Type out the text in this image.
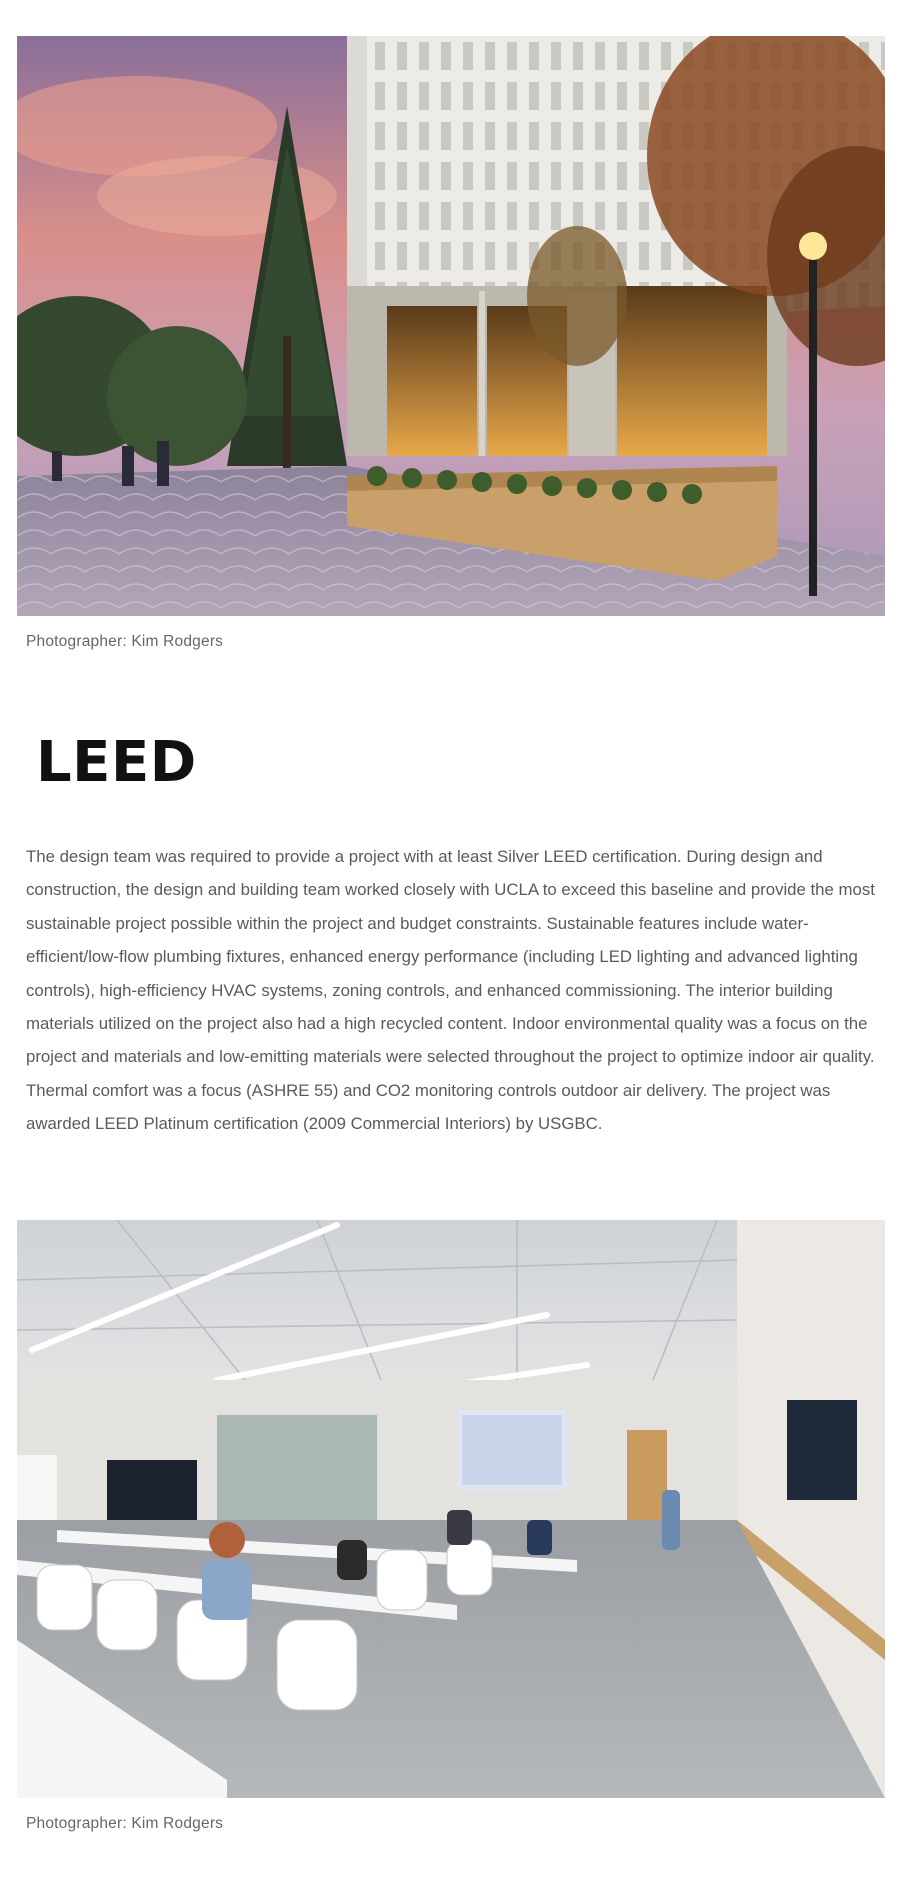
Photographer: Kim Rodgers
LEED

The design team was required to provide a project with at least Silver LEED certification. During design and construction, the design and building team worked closely with UCLA to exceed this baseline and provide the most sustainable project possible within the project and budget constraints. Sustainable features include water-efficient/low-flow plumbing fixtures, enhanced energy performance (including LED lighting and advanced lighting controls), high-efficiency HVAC systems, zoning controls, and enhanced commissioning. The interior building materials utilized on the project also had a high recycled content. Indoor environmental quality was a focus on the project and materials and low-emitting materials were selected throughout the project to optimize indoor air quality. Thermal comfort was a focus (ASHRE 55) and CO2 monitoring controls outdoor air delivery. The project was awarded LEED Platinum certification (2009 Commercial Interiors) by USGBC.

Photographer: Kim Rodgers
